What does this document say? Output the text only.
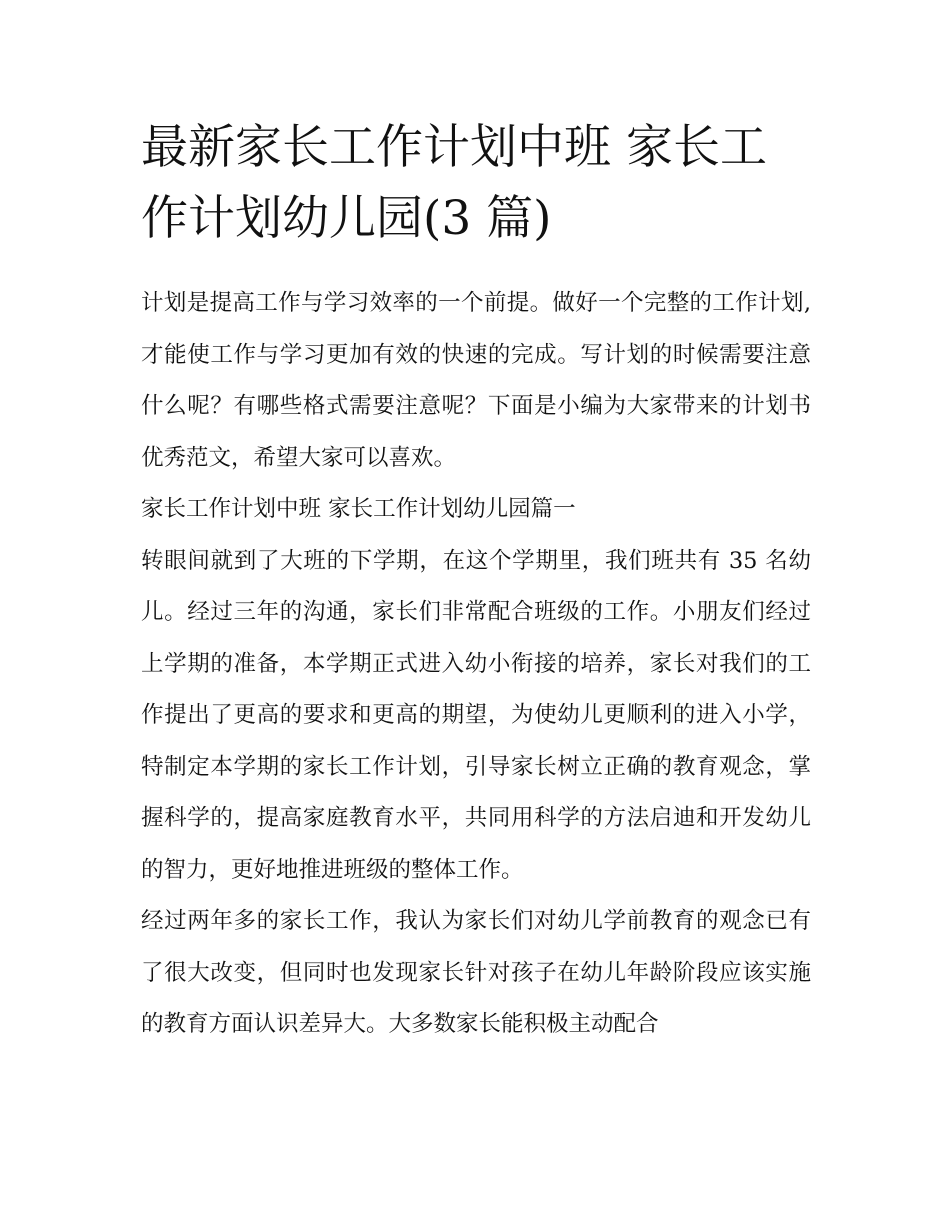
最新家长工作计划中班 家长工作计划幼儿园(3 篇)

计划是提高工作与学习效率的一个前提。做好一个完整的工作计划,才能使工作与学习更加有效的快速的完成。写计划的时候需要注意什么呢？有哪些格式需要注意呢？下面是小编为大家带来的计划书优秀范文，希望大家可以喜欢。

家长工作计划中班 家长工作计划幼儿园篇一

转眼间就到了大班的下学期，在这个学期里，我们班共有 35 名幼儿。经过三年的沟通，家长们非常配合班级的工作。小朋友们经过上学期的准备，本学期正式进入幼小衔接的培养，家长对我们的工作提出了更高的要求和更高的期望，为使幼儿更顺利的进入小学，特制定本学期的家长工作计划，引导家长树立正确的教育观念，掌握科学的，提高家庭教育水平，共同用科学的方法启迪和开发幼儿的智力，更好地推进班级的整体工作。

经过两年多的家长工作，我认为家长们对幼儿学前教育的观念已有了很大改变，但同时也发现家长针对孩子在幼儿年龄阶段应该实施的教育方面认识差异大。大多数家长能积极主动配合
